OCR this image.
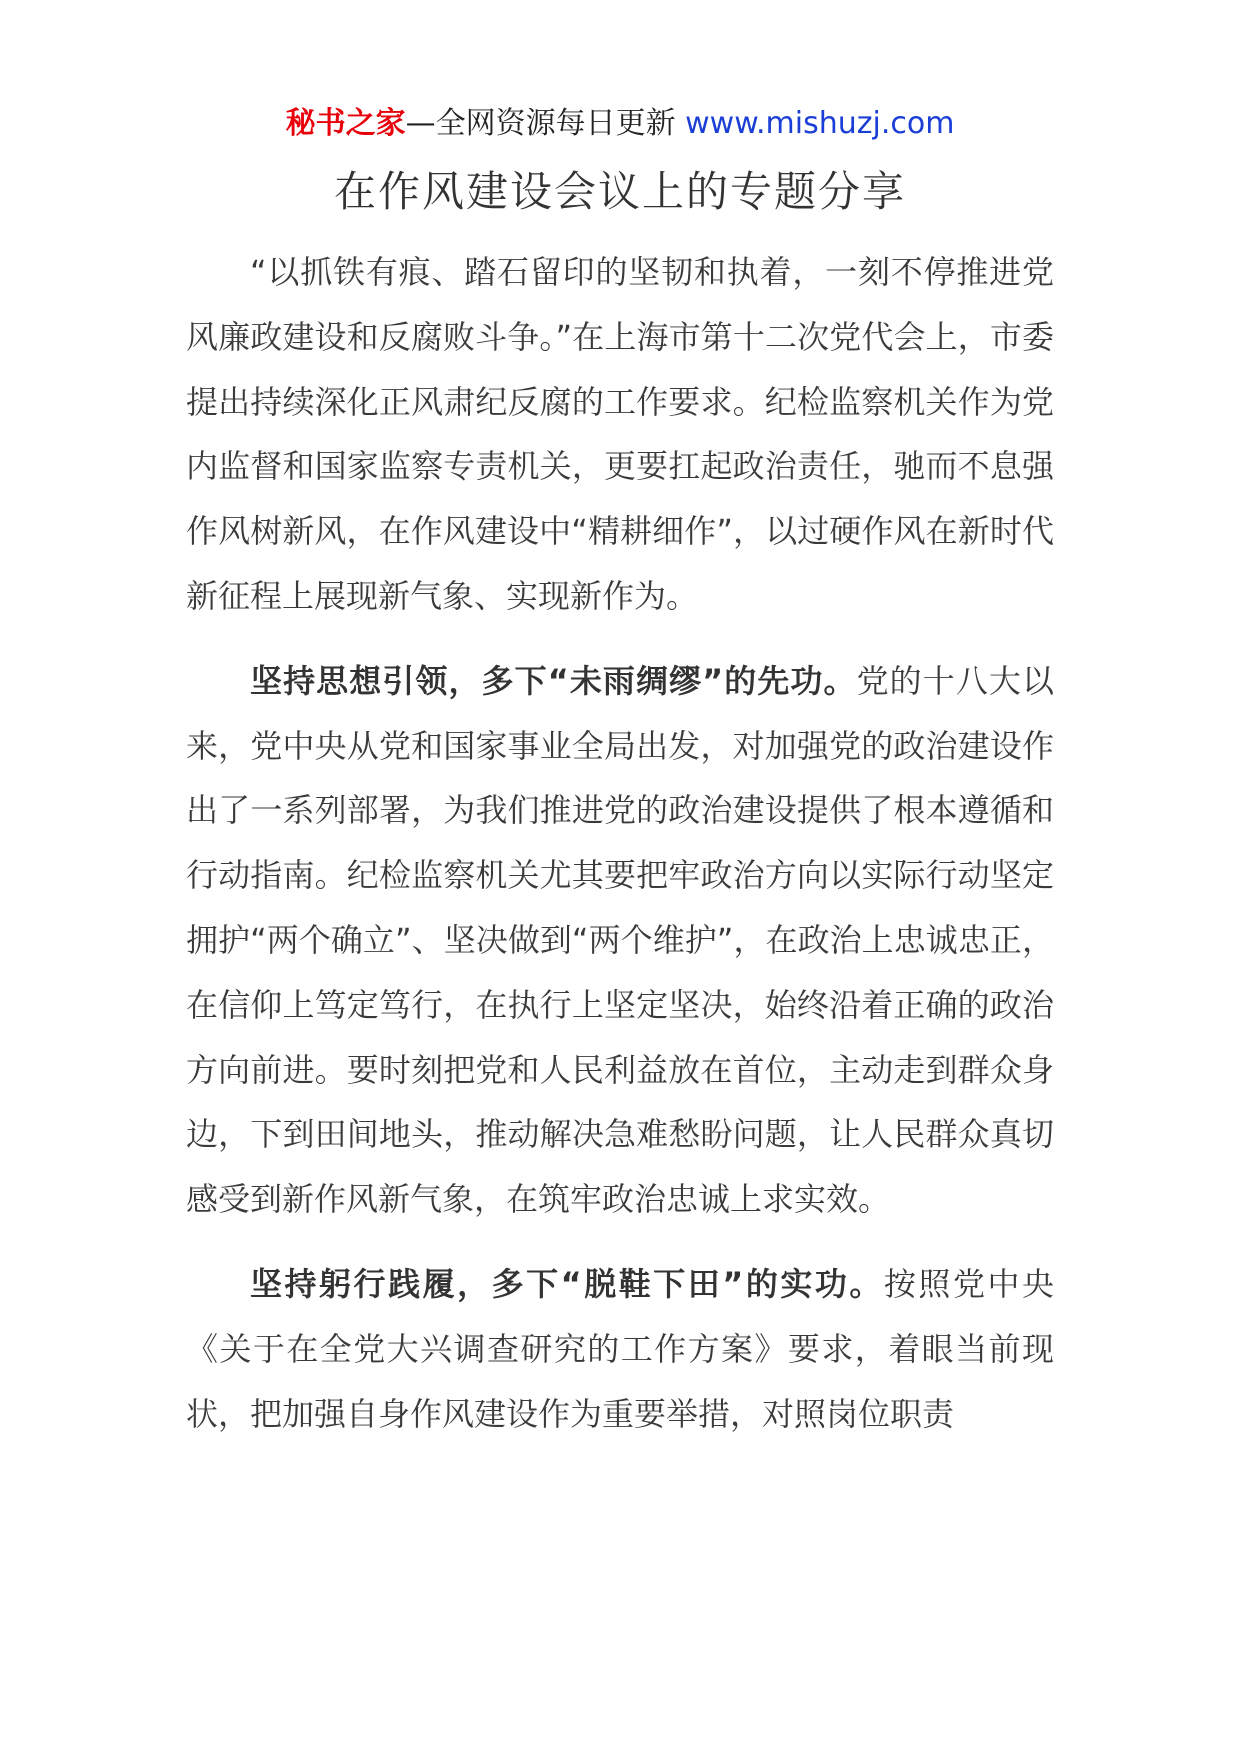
秘书之家—全网资源每日更新 www.mishuzj.com
在作风建设会议上的专题分享

“以抓铁有痕、踏石留印的坚韧和执着，一刻不停推进党风廉政建设和反腐败斗争。”在上海市第十二次党代会上，市委提出持续深化正风肃纪反腐的工作要求。纪检监察机关作为党内监督和国家监察专责机关，更要扛起政治责任，驰而不息强作风树新风，在作风建设中“精耕细作”，以过硬作风在新时代新征程上展现新气象、实现新作为。

坚持思想引领，多下“未雨绸缪”的先功。党的十八大以来，党中央从党和国家事业全局出发，对加强党的政治建设作出了一系列部署，为我们推进党的政治建设提供了根本遵循和行动指南。纪检监察机关尤其要把牢政治方向以实际行动坚定拥护“两个确立”、坚决做到“两个维护”，在政治上忠诚忠正，在信仰上笃定笃行，在执行上坚定坚决，始终沿着正确的政治方向前进。要时刻把党和人民利益放在首位，主动走到群众身边，下到田间地头，推动解决急难愁盼问题，让人民群众真切感受到新作风新气象，在筑牢政治忠诚上求实效。

坚持躬行践履，多下“脱鞋下田”的实功。按照党中央《关于在全党大兴调查研究的工作方案》要求，着眼当前现状，把加强自身作风建设作为重要举措，对照岗位职责
